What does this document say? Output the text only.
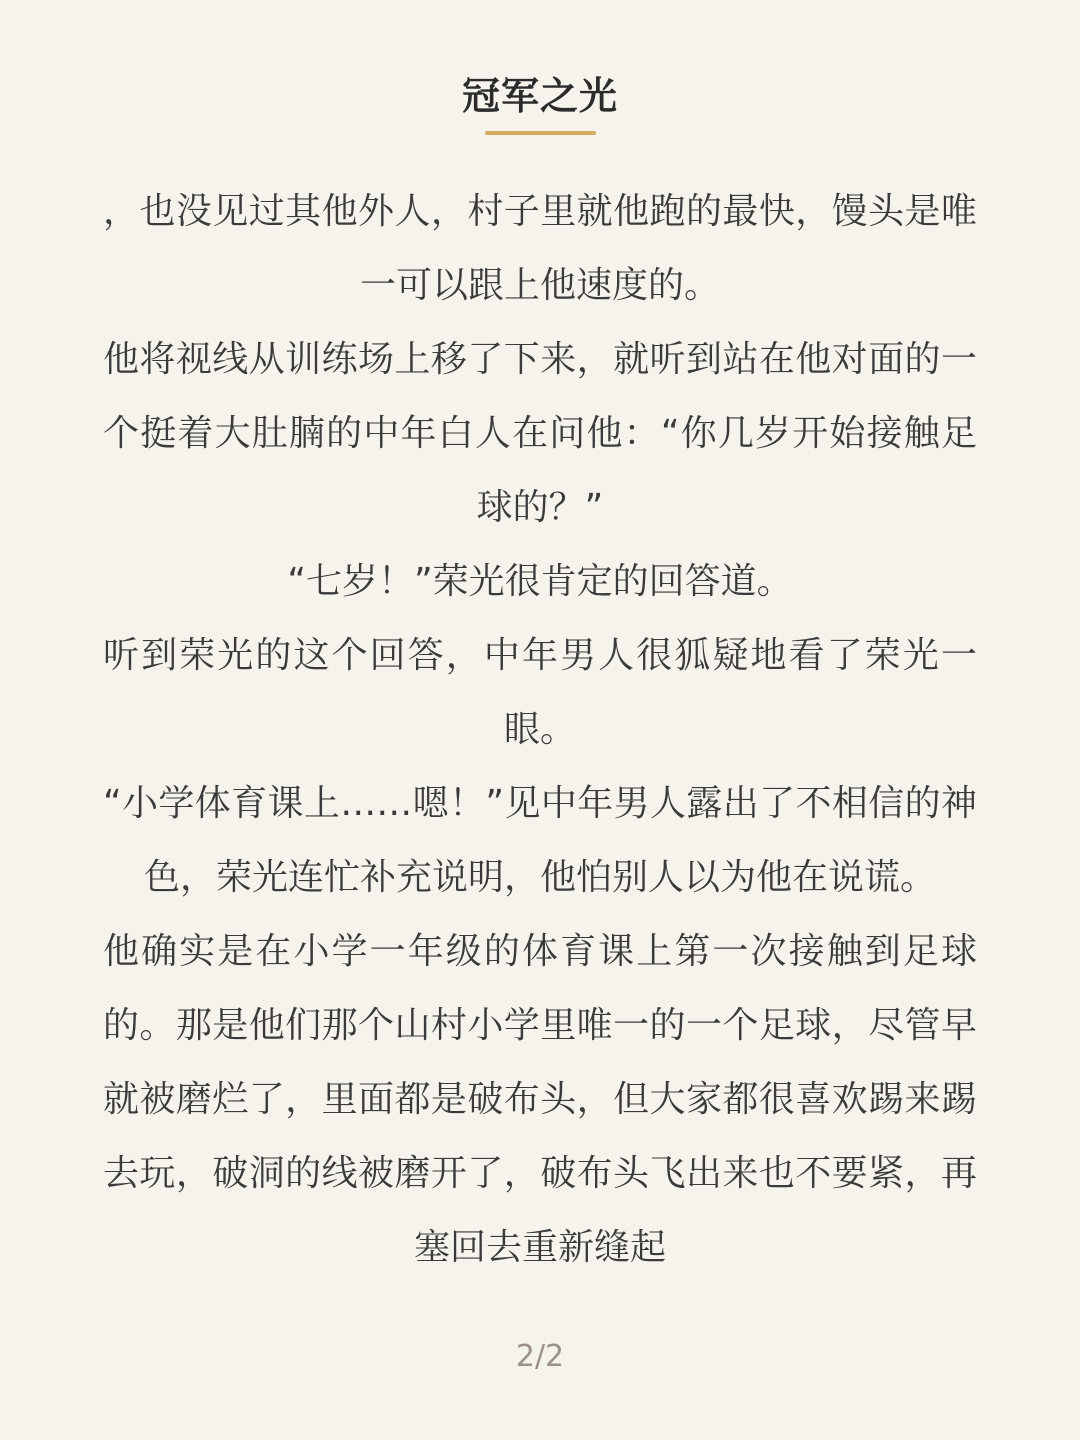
冠军之光

，也没见过其他外人，村子里就他跑的最快，馒头是唯一可以跟上他速度的。

他将视线从训练场上移了下来，就听到站在他对面的一个挺着大肚腩的中年白人在问他：“你几岁开始接触足球的？”

“七岁！”荣光很肯定的回答道。

听到荣光的这个回答，中年男人很狐疑地看了荣光一眼。

“小学体育课上……嗯！”见中年男人露出了不相信的神色，荣光连忙补充说明，他怕别人以为他在说谎。

他确实是在小学一年级的体育课上第一次接触到足球的。那是他们那个山村小学里唯一的一个足球，尽管早就被磨烂了，里面都是破布头，但大家都很喜欢踢来踢去玩，破洞的线被磨开了，破布头飞出来也不要紧，再塞回去重新缝起

2/2
